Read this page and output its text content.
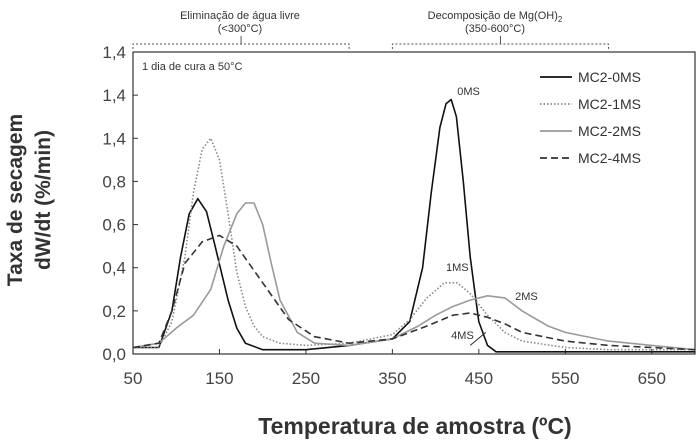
Eliminação de água livre
(<300°C)
Decomposição de $Mg(OH)_2$
(350-600°C)
Taxa de secagem dW/dt (%/min)
Temperatura de amostra (ºC)
50	150	250	350	450	550	650
0,0
0,2
0,4
0,6
0,8
1,4
1,4
1,4
1 dia de cura a 50°C
0MS
1MS
2MS
4MS
MC2-0MS
MC2-1MS
MC2-2MS
MC2-4MS
